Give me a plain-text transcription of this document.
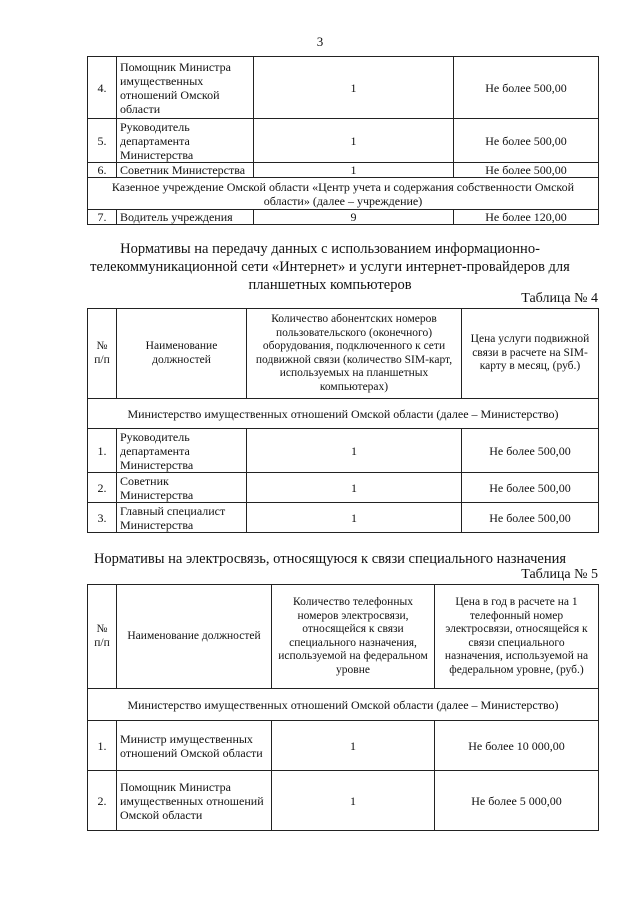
3
4.	Помощник Министра имущественных отношений Омской области	1	Не более 500,00
5.	Руководитель департамента Министерства	1	Не более 500,00
6.	Советник Министерства	1	Не более 500,00
Казенное учреждение Омской области «Центр учета и содержания собственности Омской области» (далее – учреждение)			
7.	Водитель учреждения	9	Не более 120,00
Нормативы на передачу данных с использованием информационно-телекоммуникационной сети «Интернет» и услуги интернет-провайдеров для планшетных компьютеров
Таблица № 4
№ п/п	Наименование должностей	Количество абонентских номеров пользовательского (оконечного) оборудования, подключенного к сети подвижной связи (количество SIM-карт, используемых на планшетных компьютерах)	Цена услуги подвижной связи в расчете на SIM-карту в месяц, (руб.)
Министерство имущественных отношений Омской области (далее – Министерство)			
1.	Руководитель департамента Министерства	1	Не более 500,00
2.	Советник Министерства	1	Не более 500,00
3.	Главный специалист Министерства	1	Не более 500,00
Нормативы на электросвязь, относящуюся к связи специального назначения
Таблица № 5
№ п/п	Наименование должностей	Количество телефонных номеров электросвязи, относящейся к связи специального назначения, используемой на федеральном уровне	Цена в год в расчете на 1 телефонный номер электросвязи, относящейся к связи специального назначения, используемой на федеральном уровне, (руб.)
Министерство имущественных отношений Омской области (далее – Министерство)			
1.	Министр имущественных отношений Омской области	1	Не более 10 000,00
2.	Помощник Министра имущественных отношений Омской области	1	Не более 5 000,00
